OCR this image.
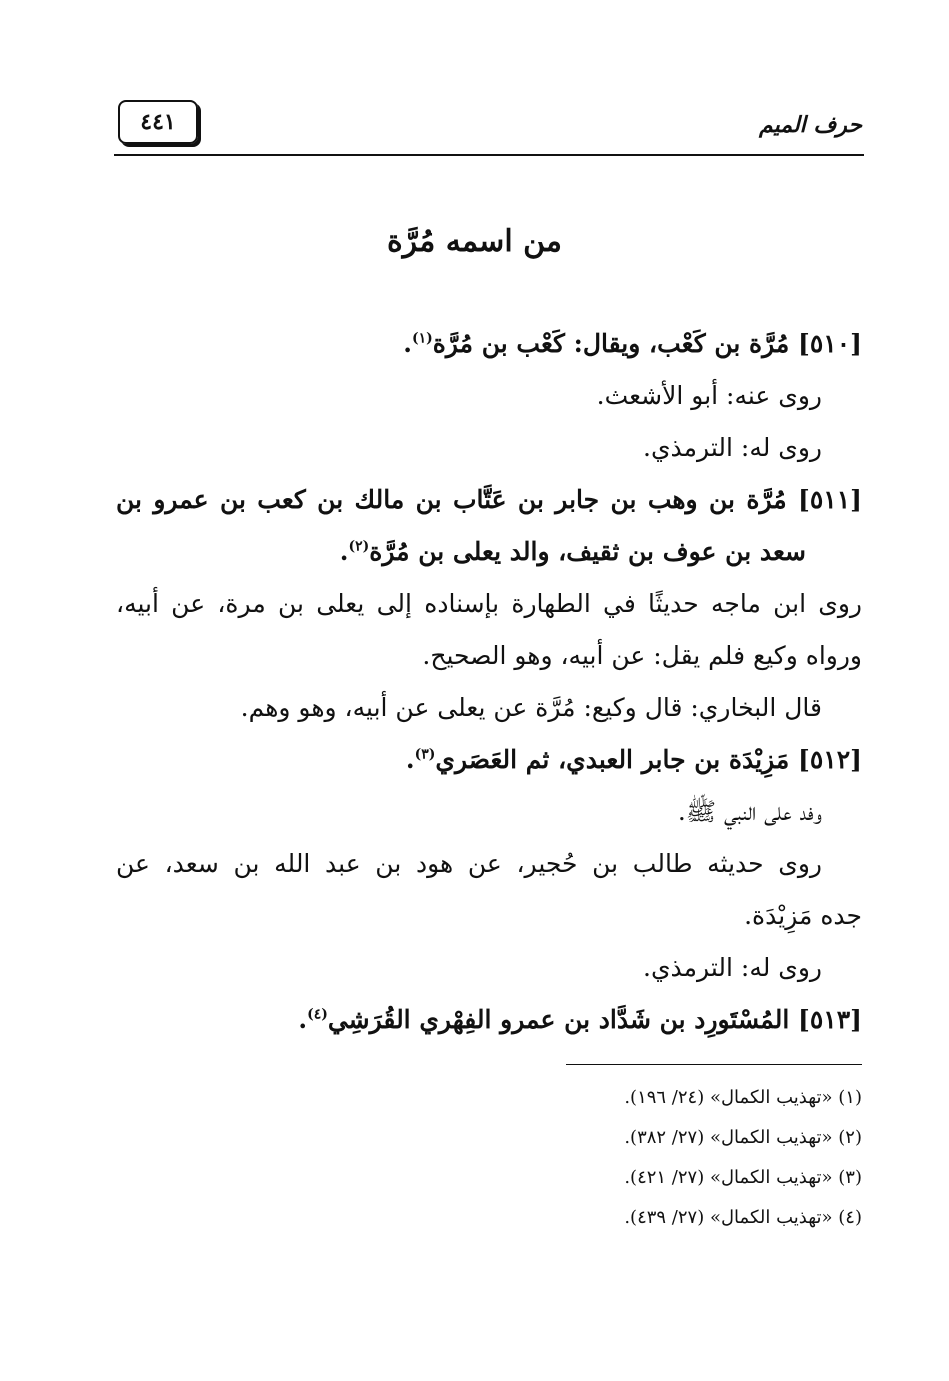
حرف الميم
٤٤١
من اسمه مُرَّة
[٥١٠] مُرَّة بن كَعْب، ويقال: كَعْب بن مُرَّة$^{(١)}$.
روى عنه: أبو الأشعث.
روى له: الترمذي.
[٥١١] مُرَّة بن وهب بن جابر بن عَتَّاب بن مالك بن كعب بن عمرو بن
سعد بن عوف بن ثقيف، والد يعلى بن مُرَّة$^{(٢)}$.
روى ابن ماجه حديثًا في الطهارة بإسناده إلى يعلى بن مرة، عن أبيه،
ورواه وكيع فلم يقل: عن أبيه، وهو الصحيح.
قال البخاري: قال وكيع: مُرَّة عن يعلى عن أبيه، وهو وهم.
[٥١٢] مَزِيْدَة بن جابر العبدي، ثم العَصَري$^{(٣)}$.
وفد على النبي ﷺ.
روى حديثه طالب بن حُجير، عن هود بن عبد الله بن سعد، عن
جده مَزِيْدَة.
روى له: الترمذي.
[٥١٣] المُسْتَورِد بن شَدَّاد بن عمرو الفِهْري القُرَشِي$^{(٤)}$.
(١) «تهذيب الكمال» (٢٤/ ١٩٦).
(٢) «تهذيب الكمال» (٢٧/ ٣٨٢).
(٣) «تهذيب الكمال» (٢٧/ ٤٢١).
(٤) «تهذيب الكمال» (٢٧/ ٤٣٩).
